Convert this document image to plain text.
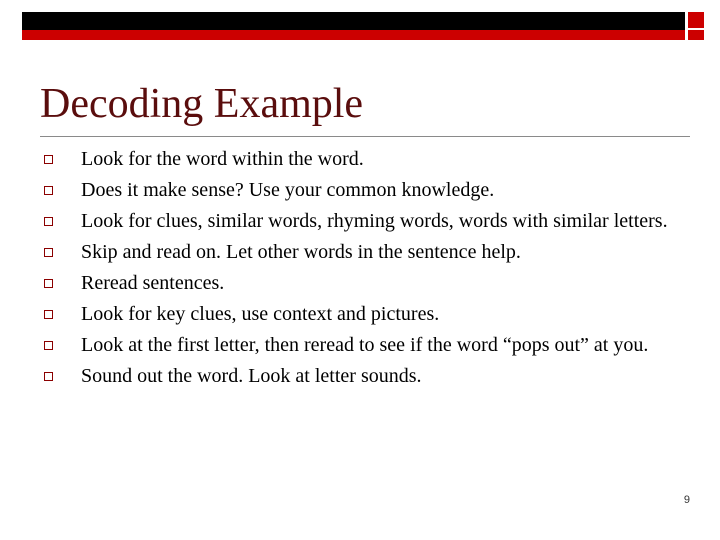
Decoding Example
Look for the word within the word.
Does it make sense? Use your common knowledge.
Look for clues, similar words, rhyming words, words with similar letters.
Skip and read on. Let other words in the sentence help.
Reread sentences.
Look for key clues, use context and pictures.
Look at the first letter, then reread to see if the word “pops out” at you.
Sound out the word. Look at letter sounds.
9
